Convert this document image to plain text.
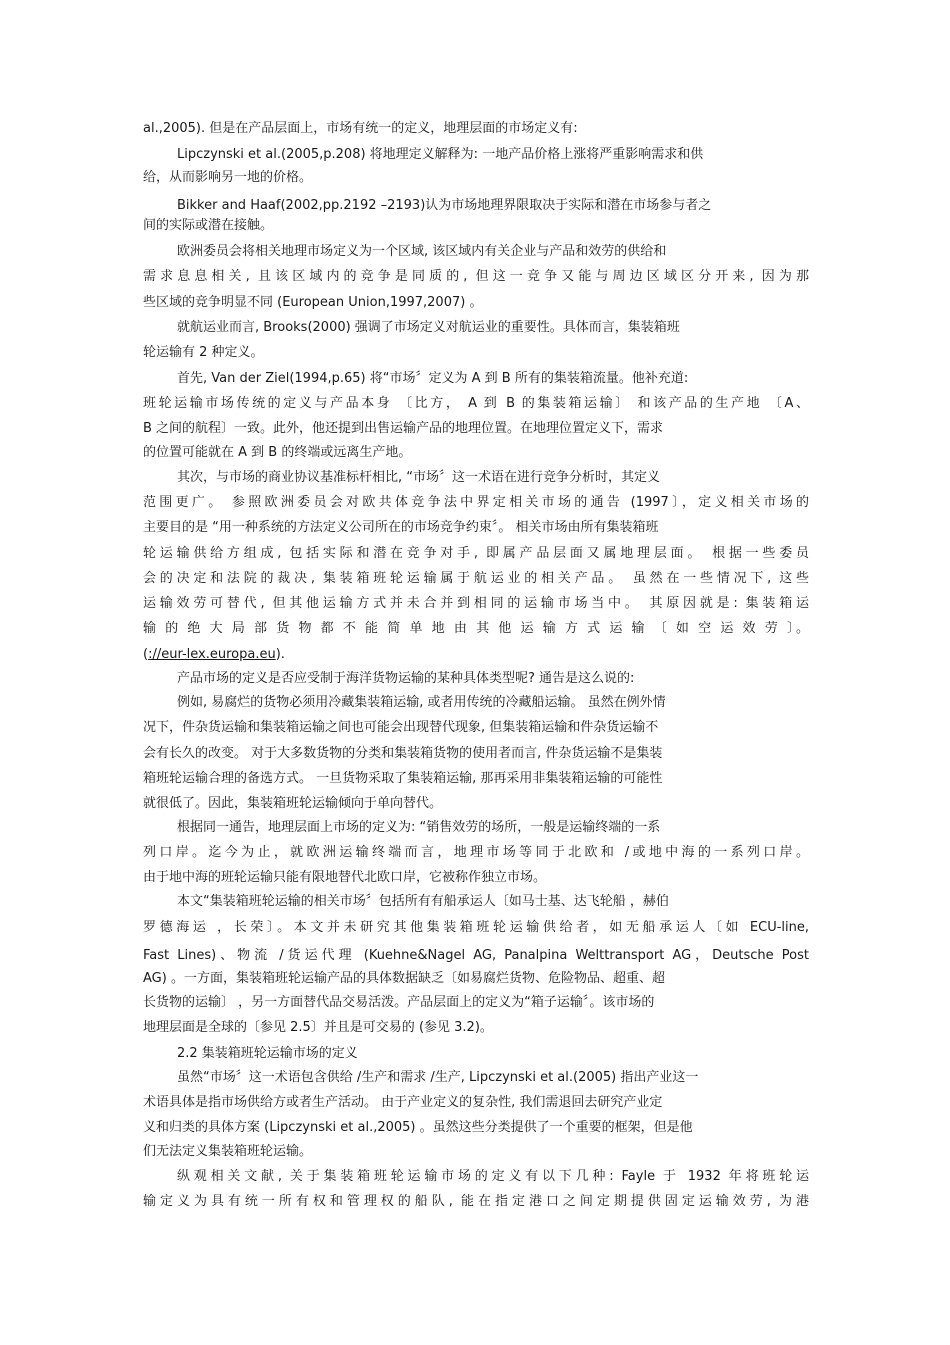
al.,2005). 但是在产品层面上，市场有统一的定义，地理层面的市场定义有:
Lipczynski et al.(2005,p.208) 将地理定义解释为: 一地产品价格上涨将严重影响需求和供
给，从而影响另一地的价格。
Bikker and Haaf(2002,pp.2192 –2193)认为市场地理界限取决于实际和潜在市场参与者之
间的实际或潜在接触。
欧洲委员会将相关地理市场定义为一个区域, 该区域内有关企业与产品和效劳的供给和
需求息息相关, 且该区域内的竞争是同质的, 但这一竞争又能与周边区域区分开来, 因为那
些区域的竞争明显不同 (European Union,1997,2007) 。
就航运业而言, Brooks(2000) 强调了市场定义对航运业的重要性。具体而言，集装箱班
轮运输有 2 种定义。
首先, Van der Ziel(1994,p.65) 将“市场〞定义为 A 到 B 所有的集装箱流量。他补充道:
班轮运输市场传统的定义与产品本身 〔比方， A 到 B 的集装箱运输〕 和该产品的生产地 〔A、
B 之间的航程〕一致。此外，他还提到出售运输产品的地理位置。在地理位置定义下，需求
的位置可能就在 A 到 B 的终端或远离生产地。
其次，与市场的商业协议基准标杆相比, “市场〞这一术语在进行竞争分析时，其定义
范围更广。 参照欧洲委员会对欧共体竞争法中界定相关市场的通告 (1997〕，定义相关市场的
主要目的是 “用一种系统的方法定义公司所在的市场竞争约束〞。 相关市场由所有集装箱班
轮运输供给方组成, 包括实际和潜在竞争对手, 即属产品层面又属地理层面。 根据一些委员
会的决定和法院的裁决, 集装箱班轮运输属于航运业的相关产品。 虽然在一些情况下, 这些
运输效劳可替代, 但其他运输方式并未合并到相同的运输市场当中。 其原因就是: 集装箱运
输 的 绝 大 局 部 货 物 都 不 能 简 单 地 由 其 他 运 输 方 式 运 输 〔 如 空 运 效 劳 〕。
(://eur-lex.europa.eu).
产品市场的定义是否应受制于海洋货物运输的某种具体类型呢? 通告是这么说的:
例如, 易腐烂的货物必须用冷藏集装箱运输, 或者用传统的冷藏船运输。 虽然在例外情
况下，件杂货运输和集装箱运输之间也可能会出现替代现象, 但集装箱运输和件杂货运输不
会有长久的改变。 对于大多数货物的分类和集装箱货物的使用者而言, 件杂货运输不是集装
箱班轮运输合理的备选方式。 一旦货物采取了集装箱运输, 那再采用非集装箱运输的可能性
就很低了。因此，集装箱班轮运输倾向于单向替代。
根据同一通告，地理层面上市场的定义为: “销售效劳的场所，一般是运输终端的一系
列口岸。迄今为止，就欧洲运输终端而言，地理市场等同于北欧和 /或地中海的一系列口岸。
由于地中海的班轮运输只能有限地替代北欧口岸，它被称作独立市场。
本文“集装箱班轮运输的相关市场〞包括所有有船承运人〔如马士基、达飞轮船 ，赫伯
罗德海运 ，长荣〕。本文并未研究其他集装箱班轮运输供给者，如无船承运人〔如 ECU-line,
Fast Lines)、物流 /货运代理 (Kuehne&Nagel AG, Panalpina Welttransport AG，Deutsche Post
AG) 。一方面，集装箱班轮运输产品的具体数据缺乏〔如易腐烂货物、危险物品、超重、超
长货物的运输〕 ，另一方面替代品交易活泼。产品层面上的定义为“箱子运输〞。该市场的
地理层面是全球的〔参见 2.5〕并且是可交易的 (参见 3.2)。
2.2 集装箱班轮运输市场的定义
虽然“市场〞这一术语包含供给 /生产和需求 /生产, Lipczynski et al.(2005) 指出产业这一
术语具体是指市场供给方或者生产活动。 由于产业定义的复杂性, 我们需退回去研究产业定
义和归类的具体方案 (Lipczynski et al.,2005) 。虽然这些分类提供了一个重要的框架，但是他
们无法定义集装箱班轮运输。
纵观相关文献, 关于集装箱班轮运输市场的定义有以下几种: Fayle 于 1932 年将班轮运
输定义为具有统一所有权和管理权的船队, 能在指定港口之间定期提供固定运输效劳, 为港
